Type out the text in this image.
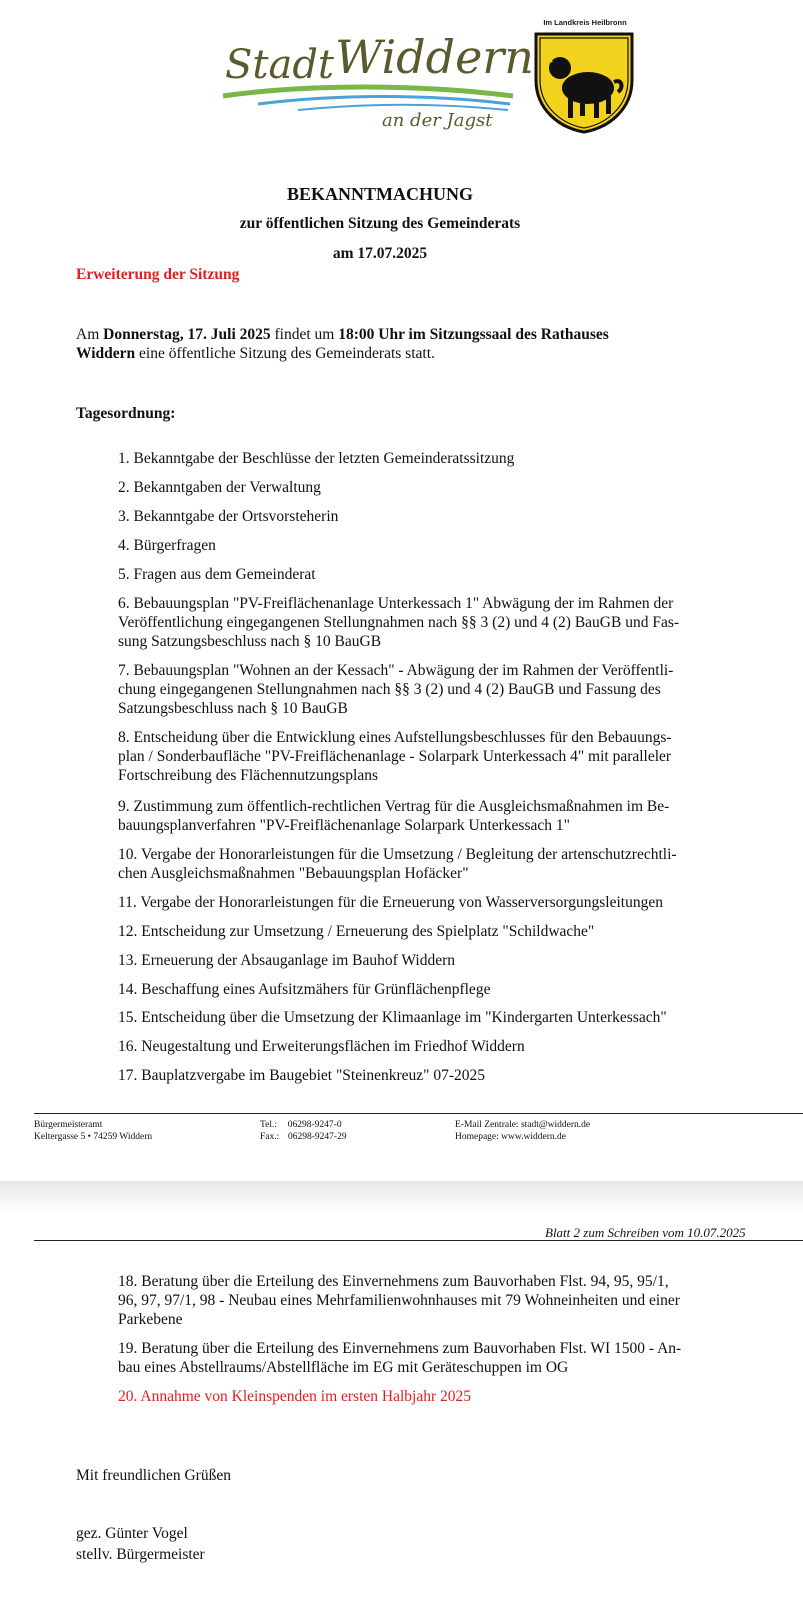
Stadt Widdern
an der Jagst
Im Landkreis Heilbronn
BEKANNTMACHUNG
zur öffentlichen Sitzung des Gemeinderats
am 17.07.2025
Erweiterung der Sitzung
Am Donnerstag, 17. Juli 2025 findet um 18:00 Uhr im Sitzungssaal des Rathauses
Widdern eine öffentliche Sitzung des Gemeinderats statt.
Tagesordnung:
1. Bekanntgabe der Beschlüsse der letzten Gemeinderatssitzung
2. Bekanntgaben der Verwaltung
3. Bekanntgabe der Ortsvorsteherin
4. Bürgerfragen
5. Fragen aus dem Gemeinderat
6. Bebauungsplan "PV-Freiflächenanlage Unterkessach 1" Abwägung der im Rahmen der
Veröffentlichung eingegangenen Stellungnahmen nach §§ 3 (2) und 4 (2) BauGB und Fas-
sung Satzungsbeschluss nach § 10 BauGB
7. Bebauungsplan "Wohnen an der Kessach" - Abwägung der im Rahmen der Veröffentli-
chung eingegangenen Stellungnahmen nach §§ 3 (2) und 4 (2) BauGB und Fassung des
Satzungsbeschluss nach § 10 BauGB
8. Entscheidung über die Entwicklung eines Aufstellungsbeschlusses für den Bebauungs-
plan / Sonderbaufläche "PV-Freiflächenanlage - Solarpark Unterkessach 4" mit paralleler
Fortschreibung des Flächennutzungsplans
9. Zustimmung zum öffentlich-rechtlichen Vertrag für die Ausgleichsmaßnahmen im Be-
bauungsplanverfahren "PV-Freiflächenanlage Solarpark Unterkessach 1"
10. Vergabe der Honorarleistungen für die Umsetzung / Begleitung der artenschutzrechtli-
chen Ausgleichsmaßnahmen "Bebauungsplan Hofäcker"
11. Vergabe der Honorarleistungen für die Erneuerung von Wasserversorgungsleitungen
12. Entscheidung zur Umsetzung / Erneuerung des Spielplatz "Schildwache"
13. Erneuerung der Absauganlage im Bauhof Widdern
14. Beschaffung eines Aufsitzmähers für Grünflächenpflege
15. Entscheidung über die Umsetzung der Klimaanlage im "Kindergarten Unterkessach"
16. Neugestaltung und Erweiterungsflächen im Friedhof Widdern
17. Bauplatzvergabe im Baugebiet "Steinenkreuz" 07-2025
Bürgermeisteramt
Keltergasse 5 • 74259 Widdern
Tel.: 06298-9247-0
Fax.: 06298-9247-29
E-Mail Zentrale: stadt@widdern.de
Homepage: www.widdern.de
Blatt 2 zum Schreiben vom 10.07.2025
18. Beratung über die Erteilung des Einvernehmens zum Bauvorhaben Flst. 94, 95, 95/1,
96, 97, 97/1, 98 - Neubau eines Mehrfamilienwohnhauses mit 79 Wohneinheiten und einer
Parkebene
19. Beratung über die Erteilung des Einvernehmens zum Bauvorhaben Flst. WI 1500 - An-
bau eines Abstellraums/Abstellfläche im EG mit Geräteschuppen im OG
20. Annahme von Kleinspenden im ersten Halbjahr 2025
Mit freundlichen Grüßen
gez. Günter Vogel
stellv. Bürgermeister
